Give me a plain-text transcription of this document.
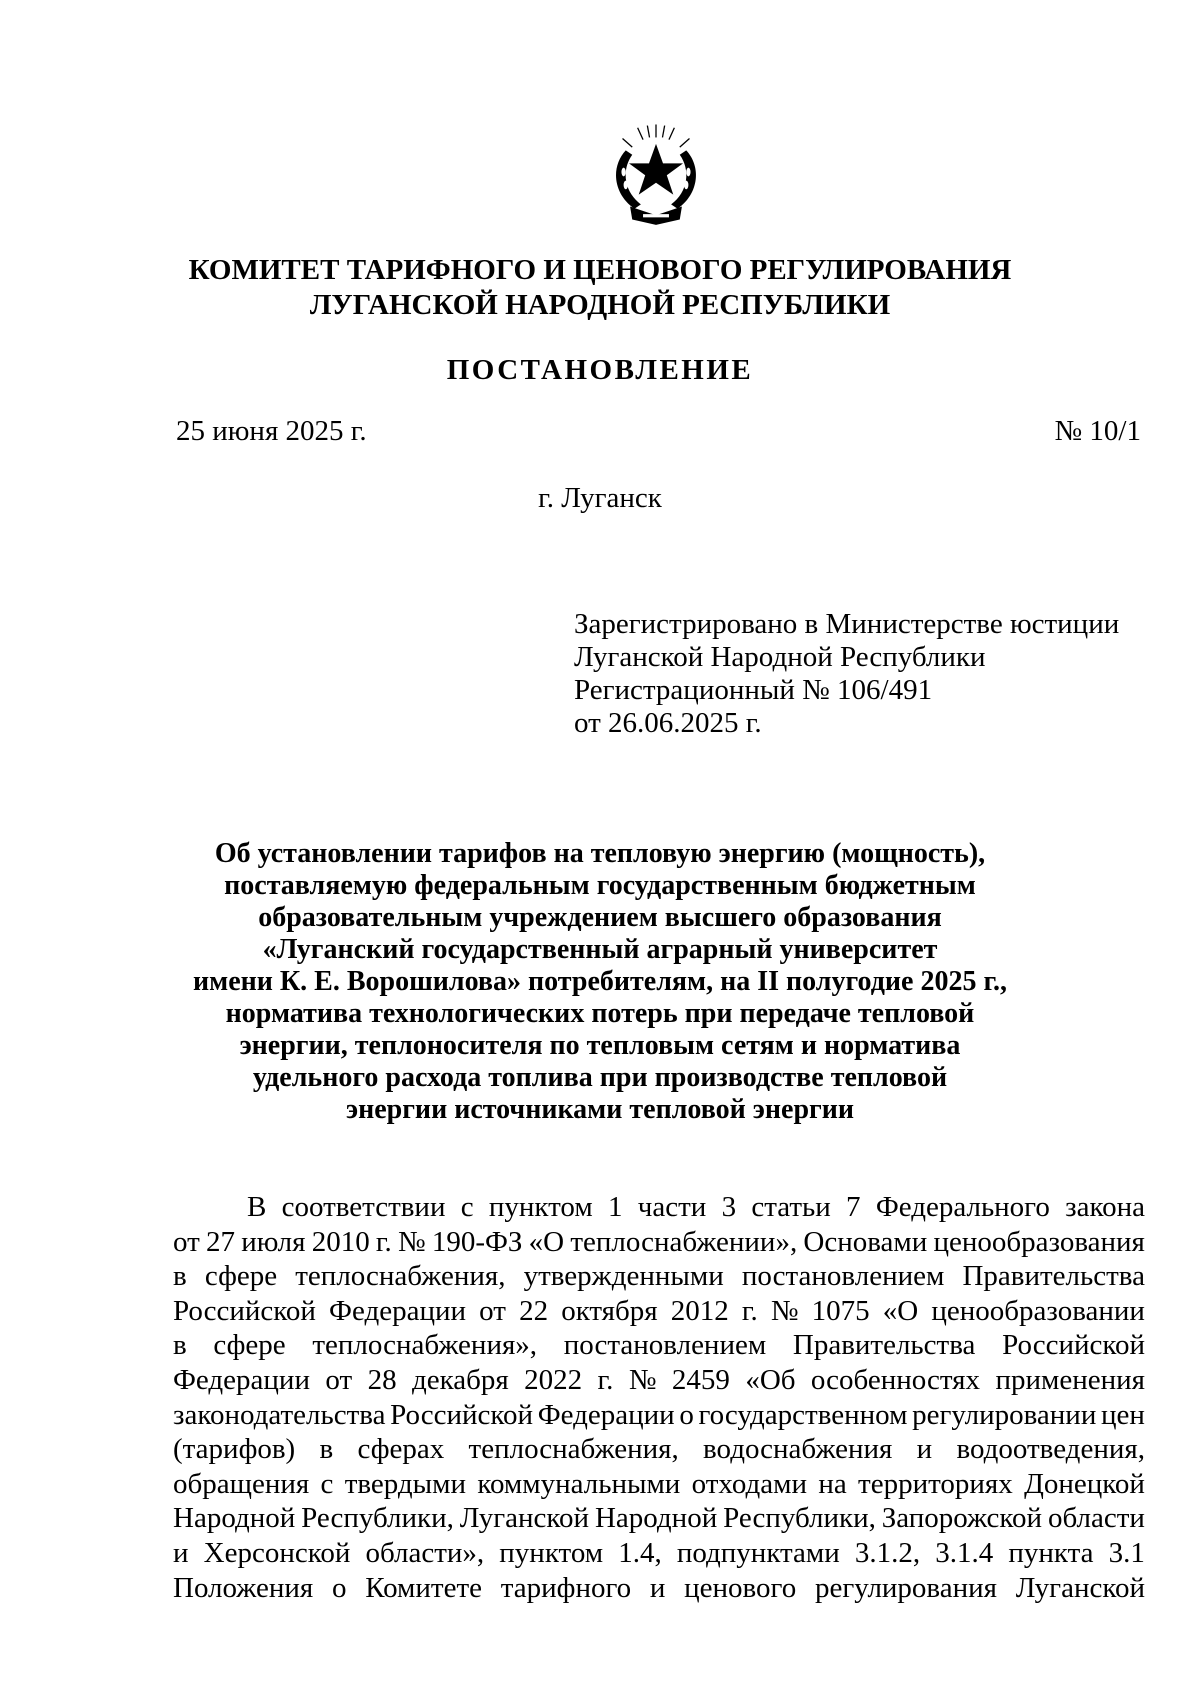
КОМИТЕТ ТАРИФНОГО И ЦЕНОВОГО РЕГУЛИРОВАНИЯ
ЛУГАНСКОЙ НАРОДНОЙ РЕСПУБЛИКИ
ПОСТАНОВЛЕНИЕ
25 июня 2025 г.	№ 10/1
г. Луганск
Зарегистрировано в Министерстве юстиции
Луганской Народной Республики
Регистрационный № 106/491
от 26.06.2025 г.
Об установлении тарифов на тепловую энергию (мощность),
поставляемую федеральным государственным бюджетным
образовательным учреждением высшего образования
«Луганский государственный аграрный университет
имени К. Е. Ворошилова» потребителям, на II полугодие 2025 г.,
норматива технологических потерь при передаче тепловой
энергии, теплоносителя по тепловым сетям и норматива
удельного расхода топлива при производстве тепловой
энергии источниками тепловой энергии
В соответствии с пунктом 1 части 3 статьи 7 Федерального закона
от 27 июля 2010 г. № 190-ФЗ «О теплоснабжении», Основами ценообразования
в сфере теплоснабжения, утвержденными постановлением Правительства
Российской Федерации от 22 октября 2012 г. № 1075 «О ценообразовании
в сфере теплоснабжения», постановлением Правительства Российской
Федерации от 28 декабря 2022 г. № 2459 «Об особенностях применения
законодательства Российской Федерации о государственном регулировании цен
(тарифов) в сферах теплоснабжения, водоснабжения и водоотведения,
обращения с твердыми коммунальными отходами на территориях Донецкой
Народной Республики, Луганской Народной Республики, Запорожской области
и Херсонской области», пунктом 1.4, подпунктами 3.1.2, 3.1.4 пункта 3.1
Положения о Комитете тарифного и ценового регулирования Луганской
